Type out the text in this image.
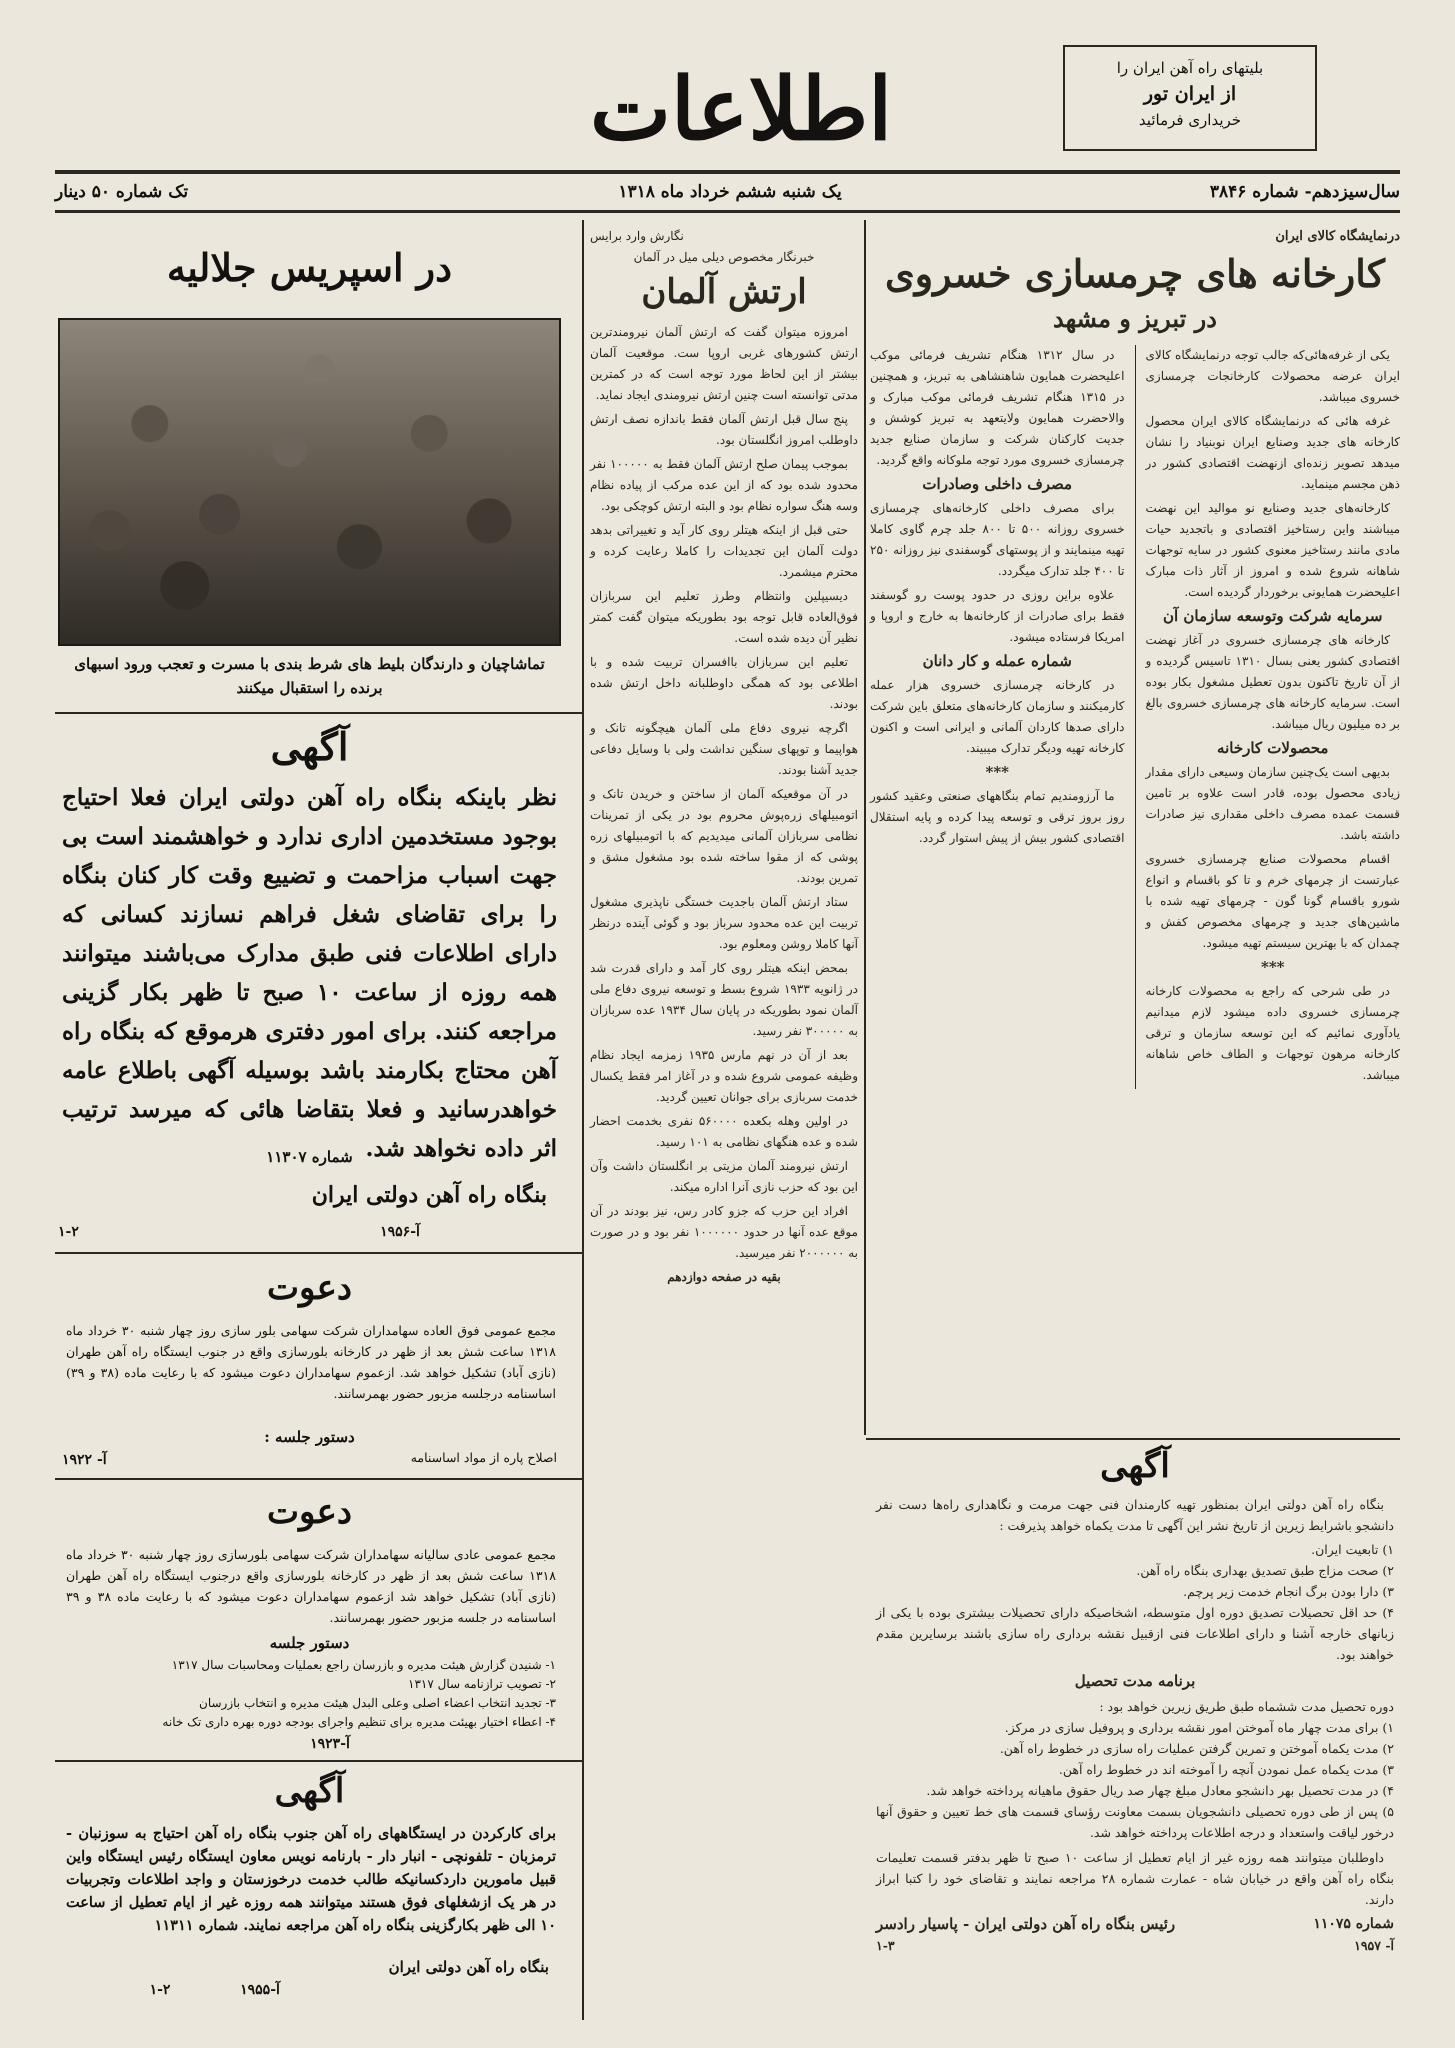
اطلاعات	بلیتهای راه آهن ایران را
از ایران تور
خریداری فرمائید
سال‌سیزدهم- شماره ۳۸۴۶
یک شنبه ششم خرداد ماه ۱۳۱۸
تک شماره ۵۰ دینار
درنمایشگاه کالای ایران
کارخانه های چرمسازی خسروی
در تبریز و مشهد

یکی از غرفه‌هائی‌که جالب توجه درنمایشگاه کالای ایران عرضه محصولات کارخانجات چرمسازی خسروی میباشد.

غرفه هائی که درنمایشگاه کالای ایران محصول کارخانه های جدید وصنایع ایران نوبنیاد را نشان میدهد تصویر زنده‌ای ازنهضت اقتصادی کشور در ذهن مجسم مینماید.

کارخانه‌های جدید وصنایع نو موالید این نهضت میباشند واین رستاخیز اقتصادی و باتجدید حیات مادی مانند رستاخیز معنوی کشور در سایه توجهات شاهانه شروع شده و امروز از آثار ذات مبارک اعلیحضرت همایونی برخوردار گردیده است.

سرمایه شرکت وتوسعه سازمان آن

کارخانه های چرمسازی خسروی در آغاز نهضت اقتصادی کشور یعنی بسال ۱۳۱۰ تاسیس گردیده و از آن تاریخ تاکنون بدون تعطیل مشغول بکار بوده است. سرمایه کارخانه های چرمسازی خسروی بالغ بر ده میلیون ریال میباشد.

محصولات کارخانه

بدیهی است یک‌چنین سازمان وسیعی دارای مقدار زیادی محصول بوده، قادر است علاوه بر تامین قسمت عمده مصرف داخلی مقداری نیز صادرات داشته باشد.

اقسام محصولات صنایع چرمسازی خسروی عبارتست از چرمهای خرم و تا کو باقسام و انواع شورو باقسام گونا گون - چرمهای تهیه شده با ماشین‌های جدید و چرمهای مخصوص کفش و چمدان که با بهترین سیستم تهیه میشود.

***

در طی شرحی که راجع به محصولات کارخانه چرمسازی خسروی داده میشود لازم میدانیم یادآوری نمائیم که این توسعه سازمان و ترقی کارخانه مرهون توجهات و الطاف خاص شاهانه میباشد.

در سال ۱۳۱۲ هنگام تشریف فرمائی موکب اعلیحضرت همایون شاهنشاهی به تبریز، و همچنین در ۱۳۱۵ هنگام تشریف فرمائی موکب مبارک و والاحضرت همایون ولایتعهد به تبریز کوشش و جدیت کارکنان شرکت و سازمان صنایع جدید چرمسازی خسروی مورد توجه ملوکانه واقع گردید.

مصرف داخلی وصادرات

برای مصرف داخلی کارخانه‌های چرمسازی خسروی روزانه ۵۰۰ تا ۸۰۰ جلد چرم گاوی کاملا تهیه مینمایند و از پوستهای گوسفندی نیز روزانه ۲۵۰ تا ۴۰۰ جلد تدارک میگردد.

علاوه براین روزی در حدود پوست رو گوسفند فقط برای صادرات از کارخانه‌ها به خارج و اروپا و امریکا فرستاده میشود.

شماره عمله و کار دانان

در کارخانه چرمسازی خسروی هزار عمله کارمیکنند و سازمان کارخانه‌های متعلق باین شرکت دارای صدها کاردان آلمانی و ایرانی است و اکنون کارخانه تهیه ودیگر تدارک میبیند.

***

ما آرزومندیم تمام بنگاههای صنعتی وعقید کشور روز بروز ترقی و توسعه پیدا کرده و پایه استقلال اقتصادی کشور بیش از پیش استوار گردد.

نگارش وارد برایس
خبرنگار مخصوص دیلی میل در آلمان
ارتش آلمان

امروزه میتوان گفت که ارتش آلمان نیرومندترین ارتش کشورهای غربی اروپا ست. موقعیت آلمان بیشتر از این لحاظ مورد توجه است که در کمترین مدتی توانسته است چنین ارتش نیرومندی ایجاد نماید.

پنج سال قبل ارتش آلمان فقط باندازه نصف ارتش داوطلب امروز انگلستان بود.

بموجب پیمان صلح ارتش آلمان فقط به ۱۰۰۰۰۰ نفر محدود شده بود که از این عده مرکب از پیاده نظام وسه هنگ سواره نظام بود و البته ارتش کوچکی بود.

حتی قبل از اینکه هیتلر روی کار آید و تغییراتی بدهد دولت آلمان این تجدیدات را کاملا رعایت کرده و محترم میشمرد.

دیسیپلین وانتظام وطرز تعلیم این سربازان فوق‌العاده قابل توجه بود بطوریکه میتوان گفت کمتر نظیر آن دیده شده است.

تعلیم این سربازان باافسران تربیت شده و با اطلاعی بود که همگی داوطلبانه داخل ارتش شده بودند.

اگرچه نیروی دفاع ملی آلمان هیچگونه تانک و هواپیما و توپهای سنگین نداشت ولی با وسایل دفاعی جدید آشنا بودند.

در آن موقعیکه آلمان از ساختن و خریدن تانک و اتومبیلهای زره‌پوش محروم بود در یکی از تمرینات نظامی سربازان آلمانی میدیدیم که با اتومبیلهای زره پوشی که از مقوا ساخته شده بود مشغول مشق و تمرین بودند.

ستاد ارتش آلمان باجدیت خستگی ناپذیری مشغول تربیت این عده محدود سرباز بود و گوئی آینده درنظر آنها کاملا روشن ومعلوم بود.

بمحض اینکه هیتلر روی کار آمد و دارای قدرت شد در ژانویه ۱۹۳۳ شروع بسط و توسعه نیروی دفاع ملی آلمان نمود بطوریکه در پایان سال ۱۹۳۴ عده سربازان به ۳۰۰۰۰۰ نفر رسید.

بعد از آن در نهم مارس ۱۹۳۵ زمزمه ایجاد نظام وظیفه عمومی شروع شده و در آغاز امر فقط یکسال خدمت سربازی برای جوانان تعیین گردید.

در اولین وهله بکعده ۵۶۰۰۰۰ نفری بخدمت احضار شده و عده هنگهای نظامی به ۱۰۱ رسید.

ارتش نیرومند آلمان مزیتی بر انگلستان داشت وآن این بود که حزب نازی آنرا اداره میکند.

افراد این حزب که جزو کادر رس، نیز بودند در آن موقع عده آنها در حدود ۱۰۰۰۰۰۰ نفر بود و در صورت به ۲۰۰۰۰۰۰ نفر میرسید.

بقیه در صفحه دوازدهم

در اسپریس جلالیه
تماشاچیان و دارندگان بلیط های شرط بندی با مسرت و تعجب ورود اسبهای برنده را استقبال میکنند
آگهی
نظر باینکه بنگاه راه آهن دولتی ایران فعلا احتیاج بوجود مستخدمین اداری ندارد و خواهشمند است بی جهت اسباب مزاحمت و تضییع وقت کار کنان بنگاه را برای تقاضای شغل فراهم نسازند کسانی که دارای اطلاعات فنی طبق مدارک می‌باشند میتوانند همه روزه از ساعت ۱۰ صبح تا ظهر بکار گزینی مراجعه کنند. برای امور دفتری هرموقع که بنگاه راه آهن محتاج بکارمند باشد بوسیله آگهی باطلاع عامه خواهدرسانید و فعلا بتقاضا هائی که میرسد ترتیب اثر داده نخواهد شد.
شماره ۱۱۳۰۷
بنگاه راه آهن دولتی ایران
آ-۱۹۵۶
۱-۲
دعوت
مجمع عمومی فوق العاده سهامداران شرکت سهامی بلور سازی روز چهار شنبه ۳۰ خرداد ماه ۱۳۱۸ ساعت شش بعد از ظهر در کارخانه بلورسازی واقع در جنوب ایستگاه راه آهن طهران (نازی آباد) تشکیل خواهد شد. ازعموم سهامداران دعوت میشود که با رعایت ماده (۳۸ و ۳۹) اساسنامه درجلسه مزبور حضور بهمرسانند.
دستور جلسه :
اصلاح پاره از مواد اساسنامه
آ- ۱۹۲۲
دعوت
مجمع عمومی عادی سالیانه سهامداران شرکت سهامی بلورسازی روز چهار شنبه ۳۰ خرداد ماه ۱۳۱۸ ساعت شش بعد از ظهر در کارخانه بلورسازی واقع درجنوب ایستگاه راه آهن طهران (نازی آباد) تشکیل خواهد شد ازعموم سهامداران دعوت میشود که با رعایت ماده ۳۸ و ۳۹ اساسنامه در جلسه مزبور حضور بهمرسانند.
دستور جلسه
۱- شنیدن گزارش هیئت مدیره و بازرسان راجع بعملیات ومحاسبات سال ۱۳۱۷
۲- تصویب ترازنامه سال ۱۳۱۷
۳- تجدید انتخاب اعضاء اصلی وعلی البدل هیئت مدیره و انتخاب بازرسان
۴- اعطاء اختیار بهیئت مدیره برای تنظیم واجرای بودجه دوره بهره داری تک خانه
آ-۱۹۲۳
آگهی
برای کارکردن در ایستگاههای راه آهن جنوب بنگاه راه آهن احتیاج به سوزنبان - ترمزبان - تلفونچی - انبار دار - بارنامه نویس معاون ایستگاه رئیس ایستگاه واین قبیل مامورین داردکسانیکه طالب خدمت درخوزستان و واجد اطلاعات وتجربیات در هر یک ازشغلهای فوق هستند میتوانند همه روزه غیر از ایام تعطیل از ساعت ۱۰ الی ظهر بکارگزینی بنگاه راه آهن مراجعه نمایند. شماره ۱۱۳۱۱
بنگاه راه آهن دولتی ایران
آ-۱۹۵۵
۱-۲
آگهی

بنگاه راه آهن دولتی ایران بمنظور تهیه کارمندان فنی جهت مرمت و نگاهداری راه‌ها دست نفر دانشجو باشرایط زیرین از تاریخ نشر این آگهی تا مدت یکماه خواهد پذیرفت :

۱) تابعیت ایران.
۲) صحت مزاج طبق تصدیق بهداری بنگاه راه آهن.
۳) دارا بودن برگ انجام خدمت زیر پرچم.
۴) حد اقل تحصیلات تصدیق دوره اول متوسطه، اشخاصیکه دارای تحصیلات بیشتری بوده با یکی از زبانهای خارجه آشنا و دارای اطلاعات فنی ازقبیل نقشه برداری راه سازی باشند برسایرین مقدم خواهند بود.
برنامه مدت تحصیل
دوره تحصیل مدت ششماه طبق طریق زیرین خواهد بود :
۱) برای مدت چهار ماه آموختن امور نقشه برداری و پروفیل سازی در مرکز.
۲) مدت یکماه آموختن و تمرین گرفتن عملیات راه سازی در خطوط راه آهن.
۳) مدت یکماه عمل نمودن آنچه را آموخته اند در خطوط راه آهن.
۴) در مدت تحصیل بهر دانشجو معادل مبلغ چهار صد ریال حقوق ماهیانه پرداخته خواهد شد.
۵) پس از طی دوره تحصیلی دانشجویان بسمت معاونت رؤسای قسمت های خط تعیین و حقوق آنها درخور لیاقت واستعداد و درجه اطلاعات پرداخته خواهد شد.

داوطلبان میتوانند همه روزه غیر از ایام تعطیل از ساعت ۱۰ صبح تا ظهر بدفتر قسمت تعلیمات بنگاه راه آهن واقع در خیابان شاه - عمارت شماره ۲۸ مراجعه نمایند و تقاضای خود را کتبا ابراز دارند.

شماره ۱۱۰۷۵
رئیس بنگاه راه آهن دولتی ایران - پاسیار رادسر
آ- ۱۹۵۷
۱-۳
